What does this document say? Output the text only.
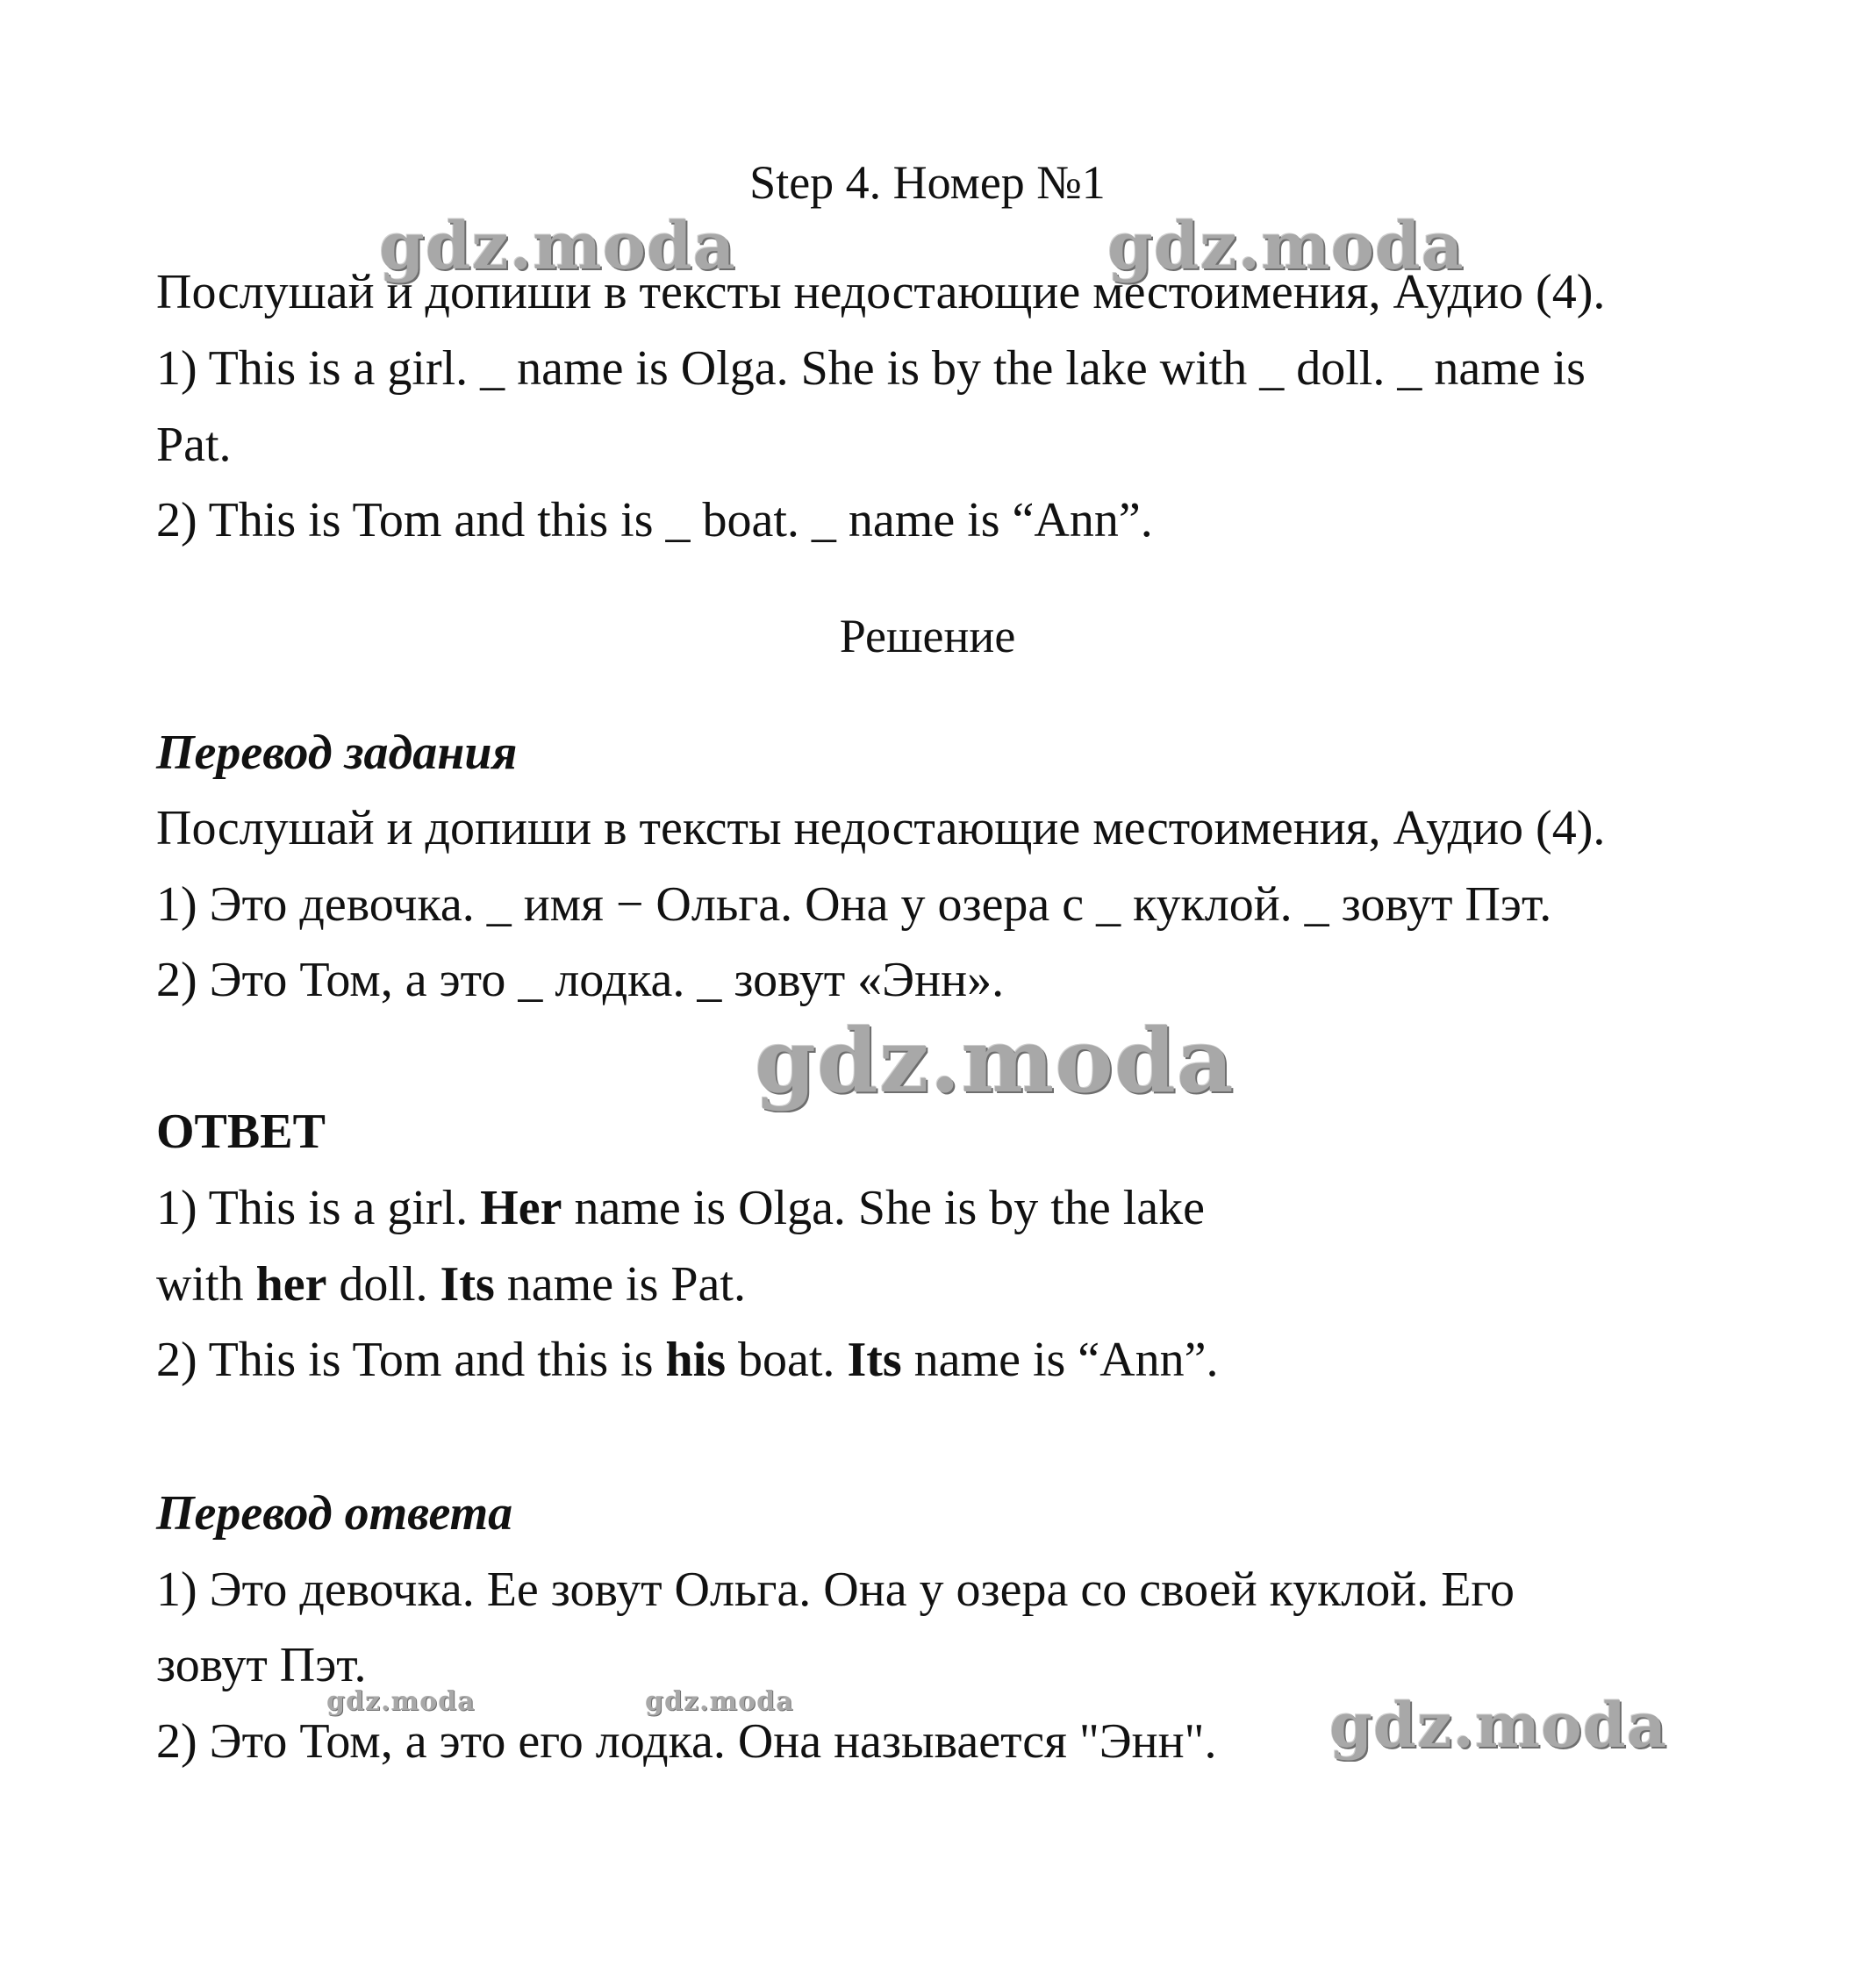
gdz.moda	gdz.moda
gdz.moda
gdz.moda	gdz.moda	gdz.moda
Step 4. Номер №1
Послушай и допиши в тексты недостающие местоимения, Аудио (4).
1) This is a girl. _ name is Olga. She is by the lake with _ doll. _ name is
Pat.
2) This is Tom and this is _ boat. _ name is “Ann”.
Решение
Перевод задания
Послушай и допиши в тексты недостающие местоимения, Аудио (4).
1) Это девочка. _ имя − Ольга. Она у озера с _ куклой. _ зовут Пэт.
2) Это Том, а это _ лодка. _ зовут «Энн».
ОТВЕТ
1) This is a girl. Her name is Olga. She is by the lake
with her doll. Its name is Pat.
2) This is Tom and this is his boat. Its name is “Ann”.
Перевод ответа
1) Это девочка. Ее зовут Ольга. Она у озера со своей куклой. Его
зовут Пэт.
2) Это Том, а это его лодка. Она называется "Энн".
